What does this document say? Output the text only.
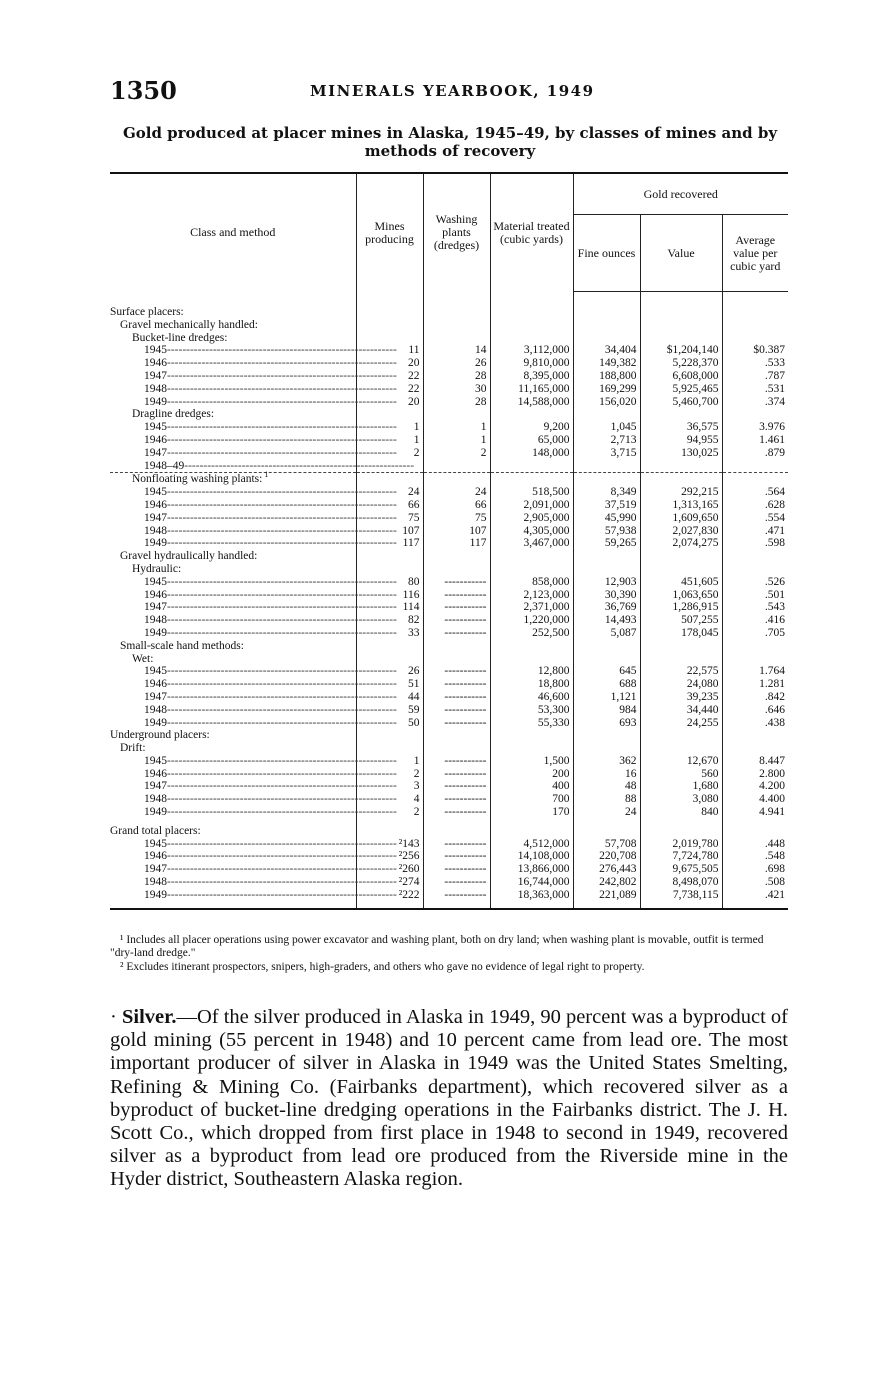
1350	MINERALS YEARBOOK, 1949
Gold produced at placer mines in Alaska, 1945–49, by classes of mines and by methods of recovery
Class and method	Mines producing	Washing plants (dredges)	Material treated (cubic yards)	Gold recovered		
				Fine ounces	Value	Average value per cubic yard

Surface placers:						
Gravel mechanically handled:						
Bucket-line dredges:						
1945------------------------------------------------------------	11	14	3,112,000	34,404	$1,204,140	$0.387
1946------------------------------------------------------------	20	26	9,810,000	149,382	5,228,370	.533
1947------------------------------------------------------------	22	28	8,395,000	188,800	6,608,000	.787
1948------------------------------------------------------------	22	30	11,165,000	169,299	5,925,465	.531
1949------------------------------------------------------------	20	28	14,588,000	156,020	5,460,700	.374
Dragline dredges:						
1945------------------------------------------------------------	1	1	9,200	1,045	36,575	3.976
1946------------------------------------------------------------	1	1	65,000	2,713	94,955	1.461
1947------------------------------------------------------------	2	2	148,000	3,715	130,025	.879
1948–49------------------------------------------------------------						
Nonfloating washing plants: $^1$						
1945------------------------------------------------------------	24	24	518,500	8,349	292,215	.564
1946------------------------------------------------------------	66	66	2,091,000	37,519	1,313,165	.628
1947------------------------------------------------------------	75	75	2,905,000	45,990	1,609,650	.554
1948------------------------------------------------------------	107	107	4,305,000	57,938	2,027,830	.471
1949------------------------------------------------------------	117	117	3,467,000	59,265	2,074,275	.598
Gravel hydraulically handled:						
Hydraulic:						
1945------------------------------------------------------------	80	-----------	858,000	12,903	451,605	.526
1946------------------------------------------------------------	116	-----------	2,123,000	30,390	1,063,650	.501
1947------------------------------------------------------------	114	-----------	2,371,000	36,769	1,286,915	.543
1948------------------------------------------------------------	82	-----------	1,220,000	14,493	507,255	.416
1949------------------------------------------------------------	33	-----------	252,500	5,087	178,045	.705
Small-scale hand methods:						
Wet:						
1945------------------------------------------------------------	26	-----------	12,800	645	22,575	1.764
1946------------------------------------------------------------	51	-----------	18,800	688	24,080	1.281
1947------------------------------------------------------------	44	-----------	46,600	1,121	39,235	.842
1948------------------------------------------------------------	59	-----------	53,300	984	34,440	.646
1949------------------------------------------------------------	50	-----------	55,330	693	24,255	.438
Underground placers:						
Drift:						
1945------------------------------------------------------------	1	-----------	1,500	362	12,670	8.447
1946------------------------------------------------------------	2	-----------	200	16	560	2.800
1947------------------------------------------------------------	3	-----------	400	48	1,680	4.200
1948------------------------------------------------------------	4	-----------	700	88	3,080	4.400
1949------------------------------------------------------------	2	-----------	170	24	840	4.941

Grand total placers:						
1945------------------------------------------------------------	²143	-----------	4,512,000	57,708	2,019,780	.448
1946------------------------------------------------------------	²256	-----------	14,108,000	220,708	7,724,780	.548
1947------------------------------------------------------------	²260	-----------	13,866,000	276,443	9,675,505	.698
1948------------------------------------------------------------	²274	-----------	16,744,000	242,802	8,498,070	.508
1949------------------------------------------------------------	²222	-----------	18,363,000	221,089	7,738,115	.421

¹ Includes all placer operations using power excavator and washing plant, both on dry land; when washing plant is movable, outfit is termed "dry-land dredge."

² Excludes itinerant prospectors, snipers, high-graders, and others who gave no evidence of legal right to property.

· Silver.—Of the silver produced in Alaska in 1949, 90 percent was a byproduct of gold mining (55 percent in 1948) and 10 percent came from lead ore. The most important producer of silver in Alaska in 1949 was the United States Smelting, Refining & Mining Co. (Fairbanks department), which recovered silver as a byproduct of bucket-line dredging operations in the Fairbanks district. The J. H. Scott Co., which dropped from first place in 1948 to second in 1949, recovered silver as a byproduct from lead ore produced from the Riverside mine in the Hyder district, Southeastern Alaska region.
